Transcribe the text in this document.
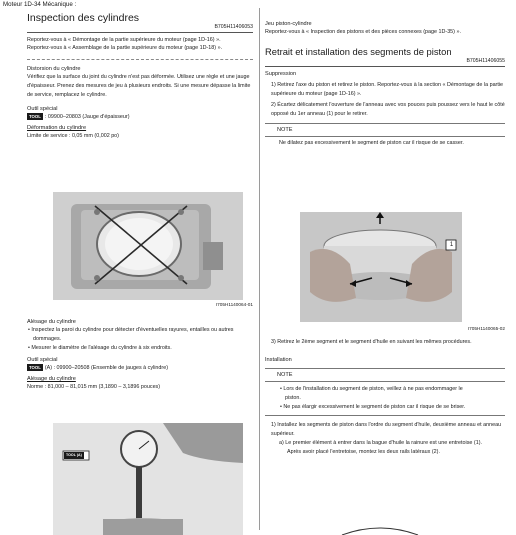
Moteur 1D-34 Mécanique :
Inspection des cylindres
B705H11406053
Reportez-vous à « Démontage de la partie supérieure du moteur (page 1D-16) ».
Reportez-vous à « Assemblage de la partie supérieure du moteur (page 1D-18) ».
Distorsion du cylindre
Vérifiez que la surface du joint du cylindre n'est pas déformée. Utilisez une règle et une jauge d'épaisseur. Prenez des mesures de jeu à plusieurs endroits. Si une mesure dépasse la limite de service, remplacez le cylindre.
Outil spécial
TOOL : 09900–20803 (Jauge d'épaisseur)
Déformation du cylindre
Limite de service : 0,05 mm (0,002 po)
I705H1140064-01
Alésage du cylindre
• Inspectez la paroi du cylindre pour détecter d'éventuelles rayures, entailles ou autres dommages.
• Mesurer le diamètre de l'alésage du cylindre à six endroits.
Outil spécial
TOOL (A) : 09900–20508 (Ensemble de jauges à cylindre)
Alésage du cylindre
Norme : 81,000 – 81,015 mm (3,1890 – 3,1896 pouces)
TOOL (A)
Jeu piston-cylindre
Reportez-vous à « Inspection des pistons et des pièces connexes (page 1D-35) ».
Retrait et installation des segments de piston
B705H11406055
Suppression
1) Retirez l'axe du piston et retirez le piston. Reportez-vous à la section « Démontage de la partie supérieure du moteur (page 1D-16) ».
2) Écartez délicatement l'ouverture de l'anneau avec vos pouces puis poussez vers le haut le côté opposé du 1er anneau (1) pour le retirer.
NOTE
Ne dilatez pas excessivement le segment de piston car il risque de se casser.
1
I705H1140065-02
3) Retirez le 2ème segment et le segment d'huile en suivant les mêmes procédures.
Installation
NOTE
• Lors de l'installation du segment de piston, veillez à ne pas endommager le piston.
• Ne pas élargir excessivement le segment de piston car il risque de se briser.
1) Installez les segments de piston dans l'ordre du segment d'huile, deuxième anneau et anneau supérieur.
a) Le premier élément à entrer dans la bague d'huile la rainure est une entretoise (1).
Après avoir placé l'entretoise, montez les deux rails latéraux (2).
